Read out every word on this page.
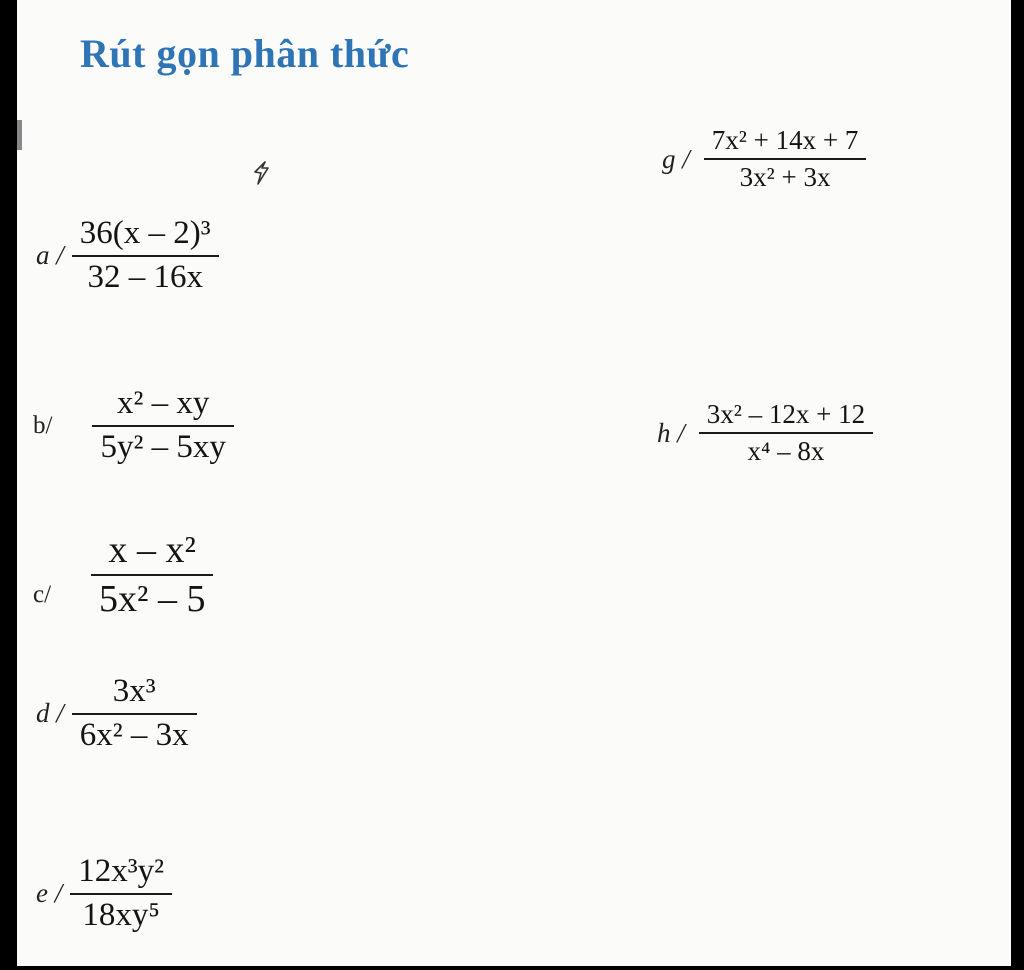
Rút gọn phân thức
a / $\frac{\text{36(x – 2)³}}{32 - 16x}$
$b/ \frac{\text{x² – xy}}{\text{5y² – 5xy}}$
$c/ \frac{\text{x – x²}}{\text{5x² – 5}}$
d / $\frac{\text{3x³}}{\text{6x² – 3x}}$
e / $\frac{\text{12x³y²}}{\text{18xy⁵}}$
g / $\frac{\text{7x² + 14x + 7}}{\text{3x² + 3x}}$
h / $\frac{\text{3x² – 12x + 12}}{\text{x⁴ – 8x}}$
